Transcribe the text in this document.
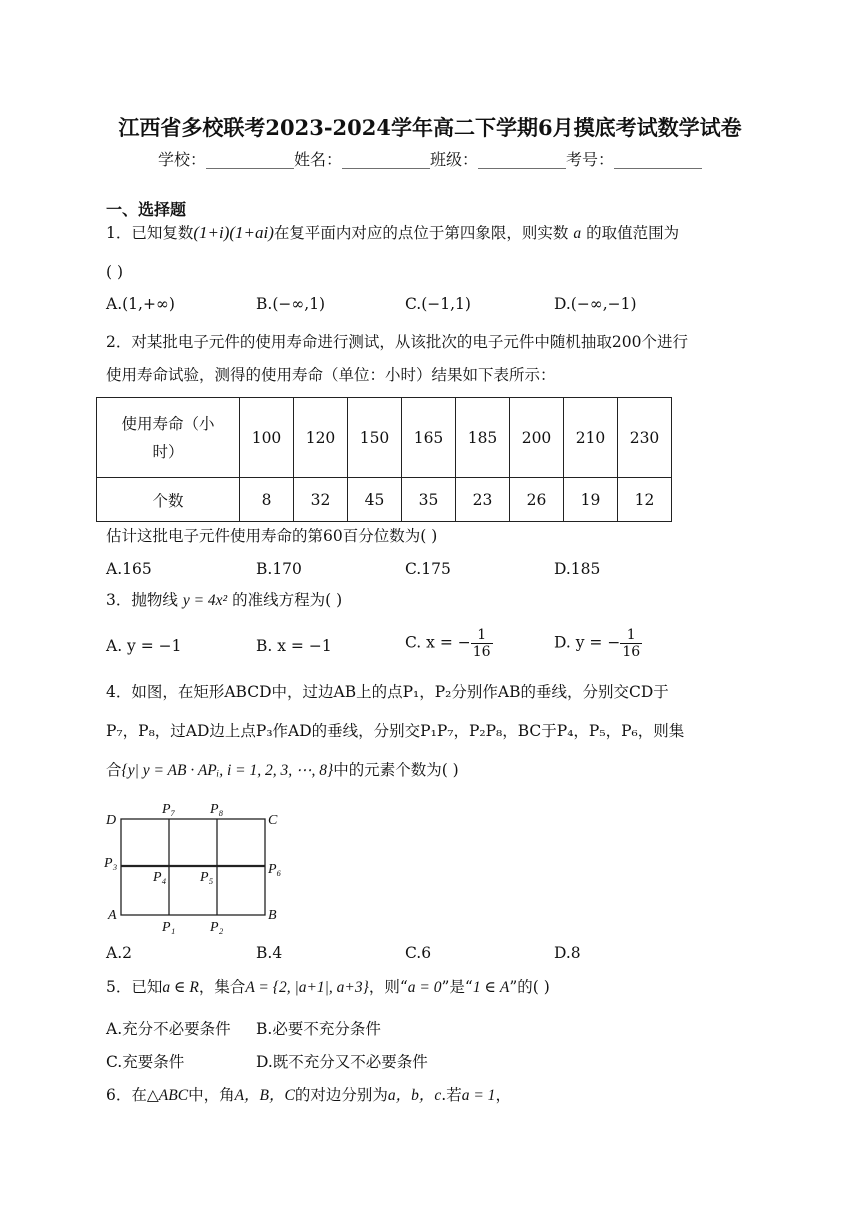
江西省多校联考2023-2024学年高二下学期6月摸底考试数学试卷
学校：___________姓名：___________班级：___________考号：___________
一、选择题
1．已知复数(1+i)(1+ai)在复平面内对应的点位于第四象限，则实数 a 的取值范围为
( )
A.(1,+∞)	B.(−∞,1)	C.(−1,1)	D.(−∞,−1)
2．对某批电子元件的使用寿命进行测试，从该批次的电子元件中随机抽取200个进行
使用寿命试验，测得的使用寿命（单位：小时）结果如下表所示：
使用寿命（小
时）	100	120	150	165	185	200	210	230
个数	8	32	45	35	23	26	19	12
估计这批电子元件使用寿命的第60百分位数为( )
A.165	B.170	C.175	D.185
3．抛物线 y = 4x² 的准线方程为( )
A. y = −1	B. x = −1	C. x = − $\frac{1}{16}$	D. y = − $\frac{1}{16}$
4．如图，在矩形ABCD中，过边AB上的点P₁，P₂分别作AB的垂线，分别交CD于
P₇，P₈，过AD边上点P₃作AD的垂线，分别交P₁P₇，P₂P₈，BC于P₄，P₅，P₆，则集
合{y| y = AB · APᵢ, i = 1, 2, 3, ⋯, 8}中的元素个数为( )
D	C
A	B
P₇ P₈
P₃
P₄ P₅
P₆
P₁ P₂
A.2	B.4	C.6	D.8
5．已知a ∈ R，集合A = {2, |a+1|, a+3}，则“a = 0”是“1 ∈ A”的( )
A.充分不必要条件 B.必要不充分条件
C.充要条件	D.既不充分又不必要条件
6．在△ABC中，角A，B，C的对边分别为a，b，c.若a = 1，
